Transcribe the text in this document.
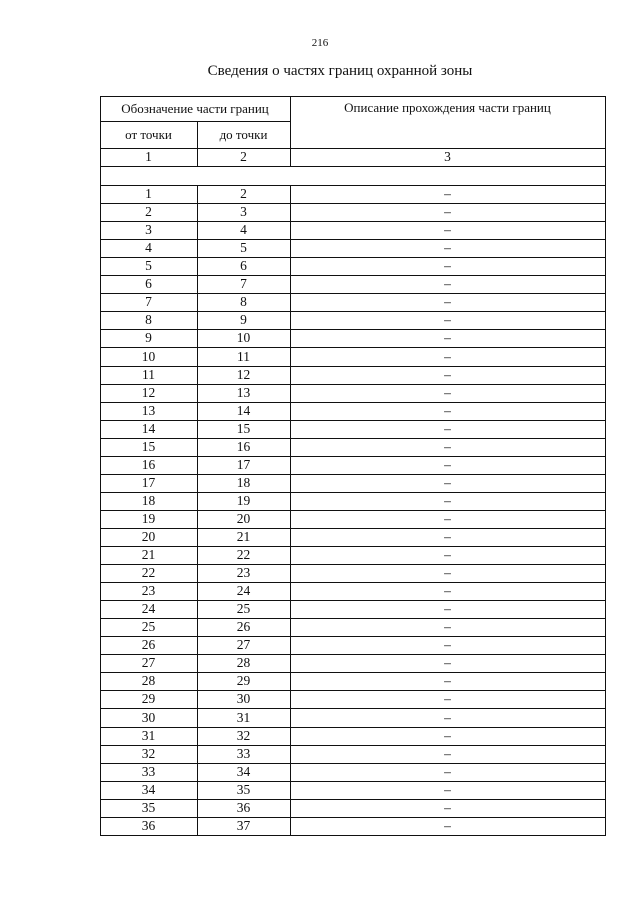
216
Сведения о частях границ охранной зоны
Обозначение части границ	Описание прохождения части границ
от точки	до точки
1	2	3
1	2	–
2	3	–
3	4	–
4	5	–
5	6	–
6	7	–
7	8	–
8	9	–
9	10	–
10	11	–
11	12	–
12	13	–
13	14	–
14	15	–
15	16	–
16	17	–
17	18	–
18	19	–
19	20	–
20	21	–
21	22	–
22	23	–
23	24	–
24	25	–
25	26	–
26	27	–
27	28	–
28	29	–
29	30	–
30	31	–
31	32	–
32	33	–
33	34	–
34	35	–
35	36	–
36	37	–
